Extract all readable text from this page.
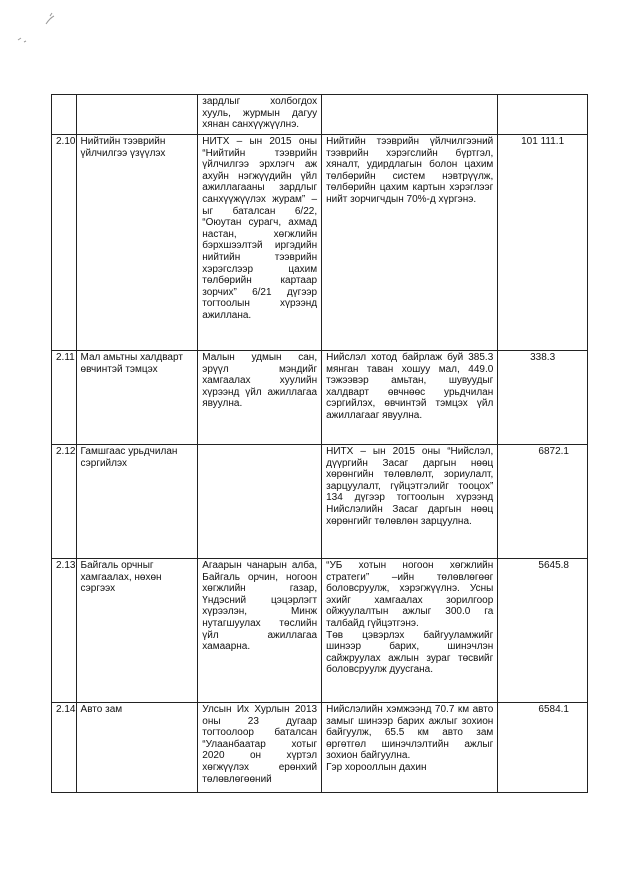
		зардлыг холбогдох хууль, журмын дагуу хянан санхүүжүүлнэ.		

2.10	Нийтийн тээврийн үйлчилгээ үзүүлэх	НИТХ – ын 2015 оны “Нийтийн тээврийн үйлчилгээ эрхлэгч аж ахуйн нэгжүүдийн үйл ажиллагааны зардлыг санхүүжүүлэх журам” – ыг баталсан 6/22, “Оюутан сурагч, ахмад настан, хөгжлийн бэрхшээлтэй иргэдийн нийтийн тээврийн хэрэгслээр цахим төлбөрийн картаар зорчих” 6/21 дүгээр тогтоолын хүрээнд ажиллана.	Нийтийн тээврийн үйлчилгээний тээврийн хэрэгслийн бүртгэл, хяналт, удирдлагын болон цахим төлбөрийн систем нэвтрүүлж, төлбөрийн цахим картын хэрэглээг нийт зорчигчдын 70%-д хүргэнэ.	101 111.1

2.11	Мал амьтны халдварт өвчинтэй тэмцэх	Малын удмын сан, эрүүл мэндийг хамгаалах хуулийн хүрээнд үйл ажиллагаа явуулна.	Нийслэл хотод байрлаж буй 385.3 мянган таван хошуу мал, 449.0 тэжээвэр амьтан, шувуудыг халдварт өвчнөөс урьдчилан сэргийлэх, өвчинтэй тэмцэх үйл ажиллагааг явуулна.	338.3

2.12	Гамшгаас урьдчилан сэргийлэх		НИТХ – ын 2015 оны “Нийслэл, дүүргийн Засаг даргын нөөц хөрөнгийн төлөвлөлт, зориулалт, зарцуулалт, гүйцэтгэлийг тооцох” 134 дүгээр тогтоолын хүрээнд Нийслэлийн Засаг даргын нөөц хөрөнгийг төлөвлөн зарцуулна.	6872.1

2.13	Байгаль орчныг хамгаалах, нөхөн сэргээх	Агаарын чанарын алба, Байгаль орчин, ногоон хөгжлийн газар, Үндэсний цэцэрлэгт хүрээлэн, Минж нутагшуулах төслийн үйл ажиллагаа хамаарна.	“УБ хотын ногоон хөгжлийн стратеги” –ийн төлөвлөгөөг боловсруулж, хэрэгжүүлнэ. Усны эхийг хамгаалах зорилгоор ойжуулалтын ажлыг 300.0 га талбайд гүйцэтгэнэ.
Төв цэвэрлэх байгууламжийг шинээр барих, шинэчлэн сайжруулах ажлын зураг төсвийг боловсруулж дуусгана.	5645.8

2.14	Авто зам	Улсын Их Хурлын 2013 оны 23 дугаар тогтоолоор баталсан “Улаанбаатар хотыг 2020 он хүртэл хөгжүүлэх ерөнхий төлөвлөгөөний	Нийслэлийн хэмжээнд 70.7 км авто замыг шинээр барих ажлыг зохион байгуулж, 65.5 км авто зам өргөтгөл шинэчлэлтийн ажлыг зохион байгуулна.
Гэр хорооллын дахин	6584.1
